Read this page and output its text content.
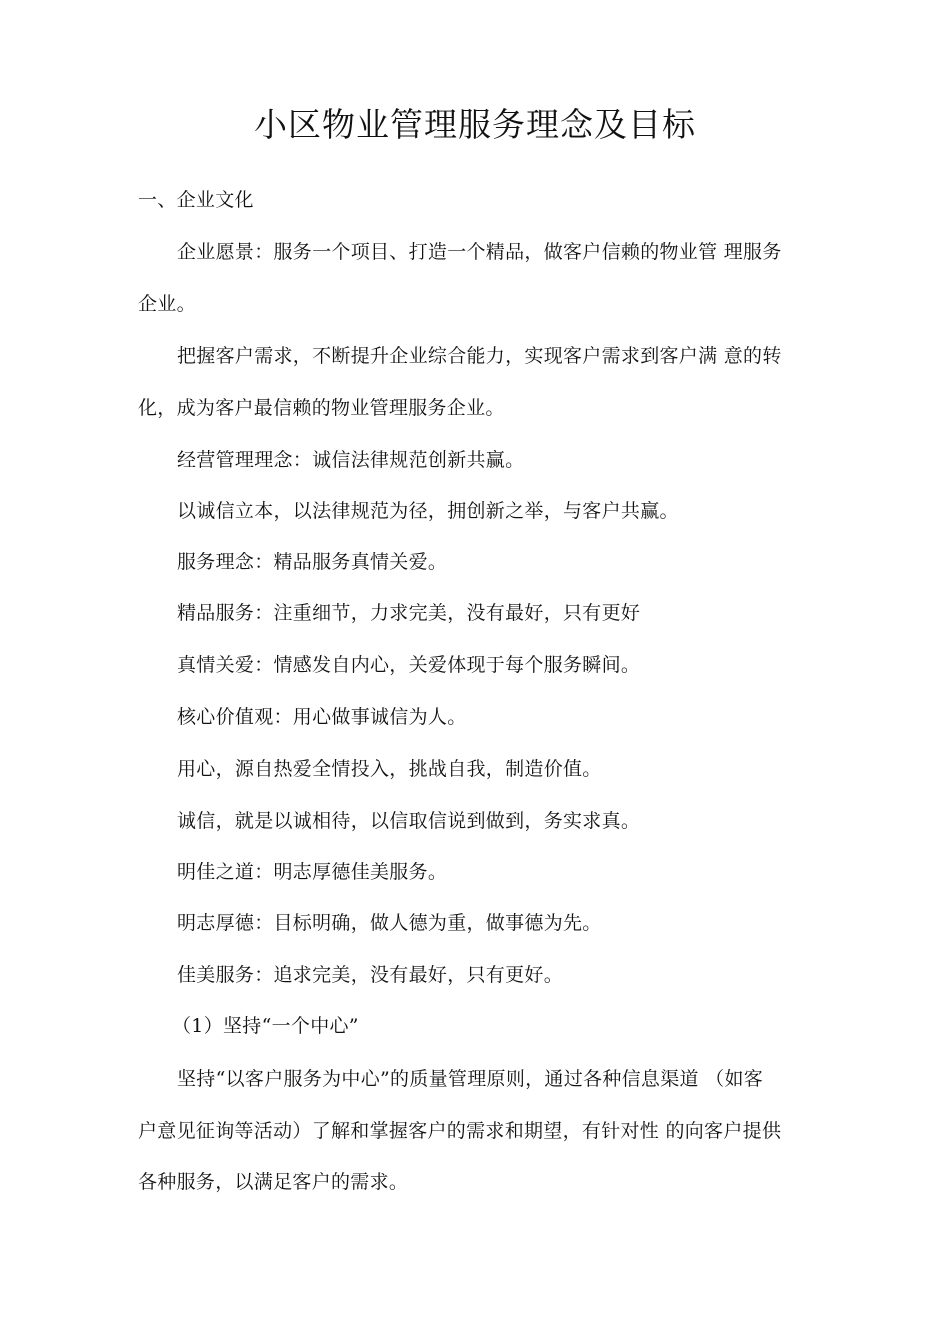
小区物业管理服务理念及目标

一、企业文化

企业愿景：服务一个项目、打造一个精品，做客户信赖的物业管 理服务

企业。

把握客户需求，不断提升企业综合能力，实现客户需求到客户满 意的转

化，成为客户最信赖的物业管理服务企业。

经营管理理念：诚信法律规范创新共赢。

以诚信立本，以法律规范为径，拥创新之举，与客户共赢。

服务理念：精品服务真情关爱。

精品服务：注重细节，力求完美，没有最好，只有更好

真情关爱：情感发自内心，关爱体现于每个服务瞬间。

核心价值观：用心做事诚信为人。

用心，源自热爱全情投入，挑战自我，制造价值。

诚信，就是以诚相待，以信取信说到做到，务实求真。

明佳之道：明志厚德佳美服务。

明志厚德：目标明确，做人德为重，做事德为先。

佳美服务：追求完美，没有最好，只有更好。

（1）坚持“一个中心”

坚持“以客户服务为中心”的质量管理原则，通过各种信息渠道 （如客

户意见征询等活动）了解和掌握客户的需求和期望，有针对性 的向客户提供

各种服务，以满足客户的需求。
